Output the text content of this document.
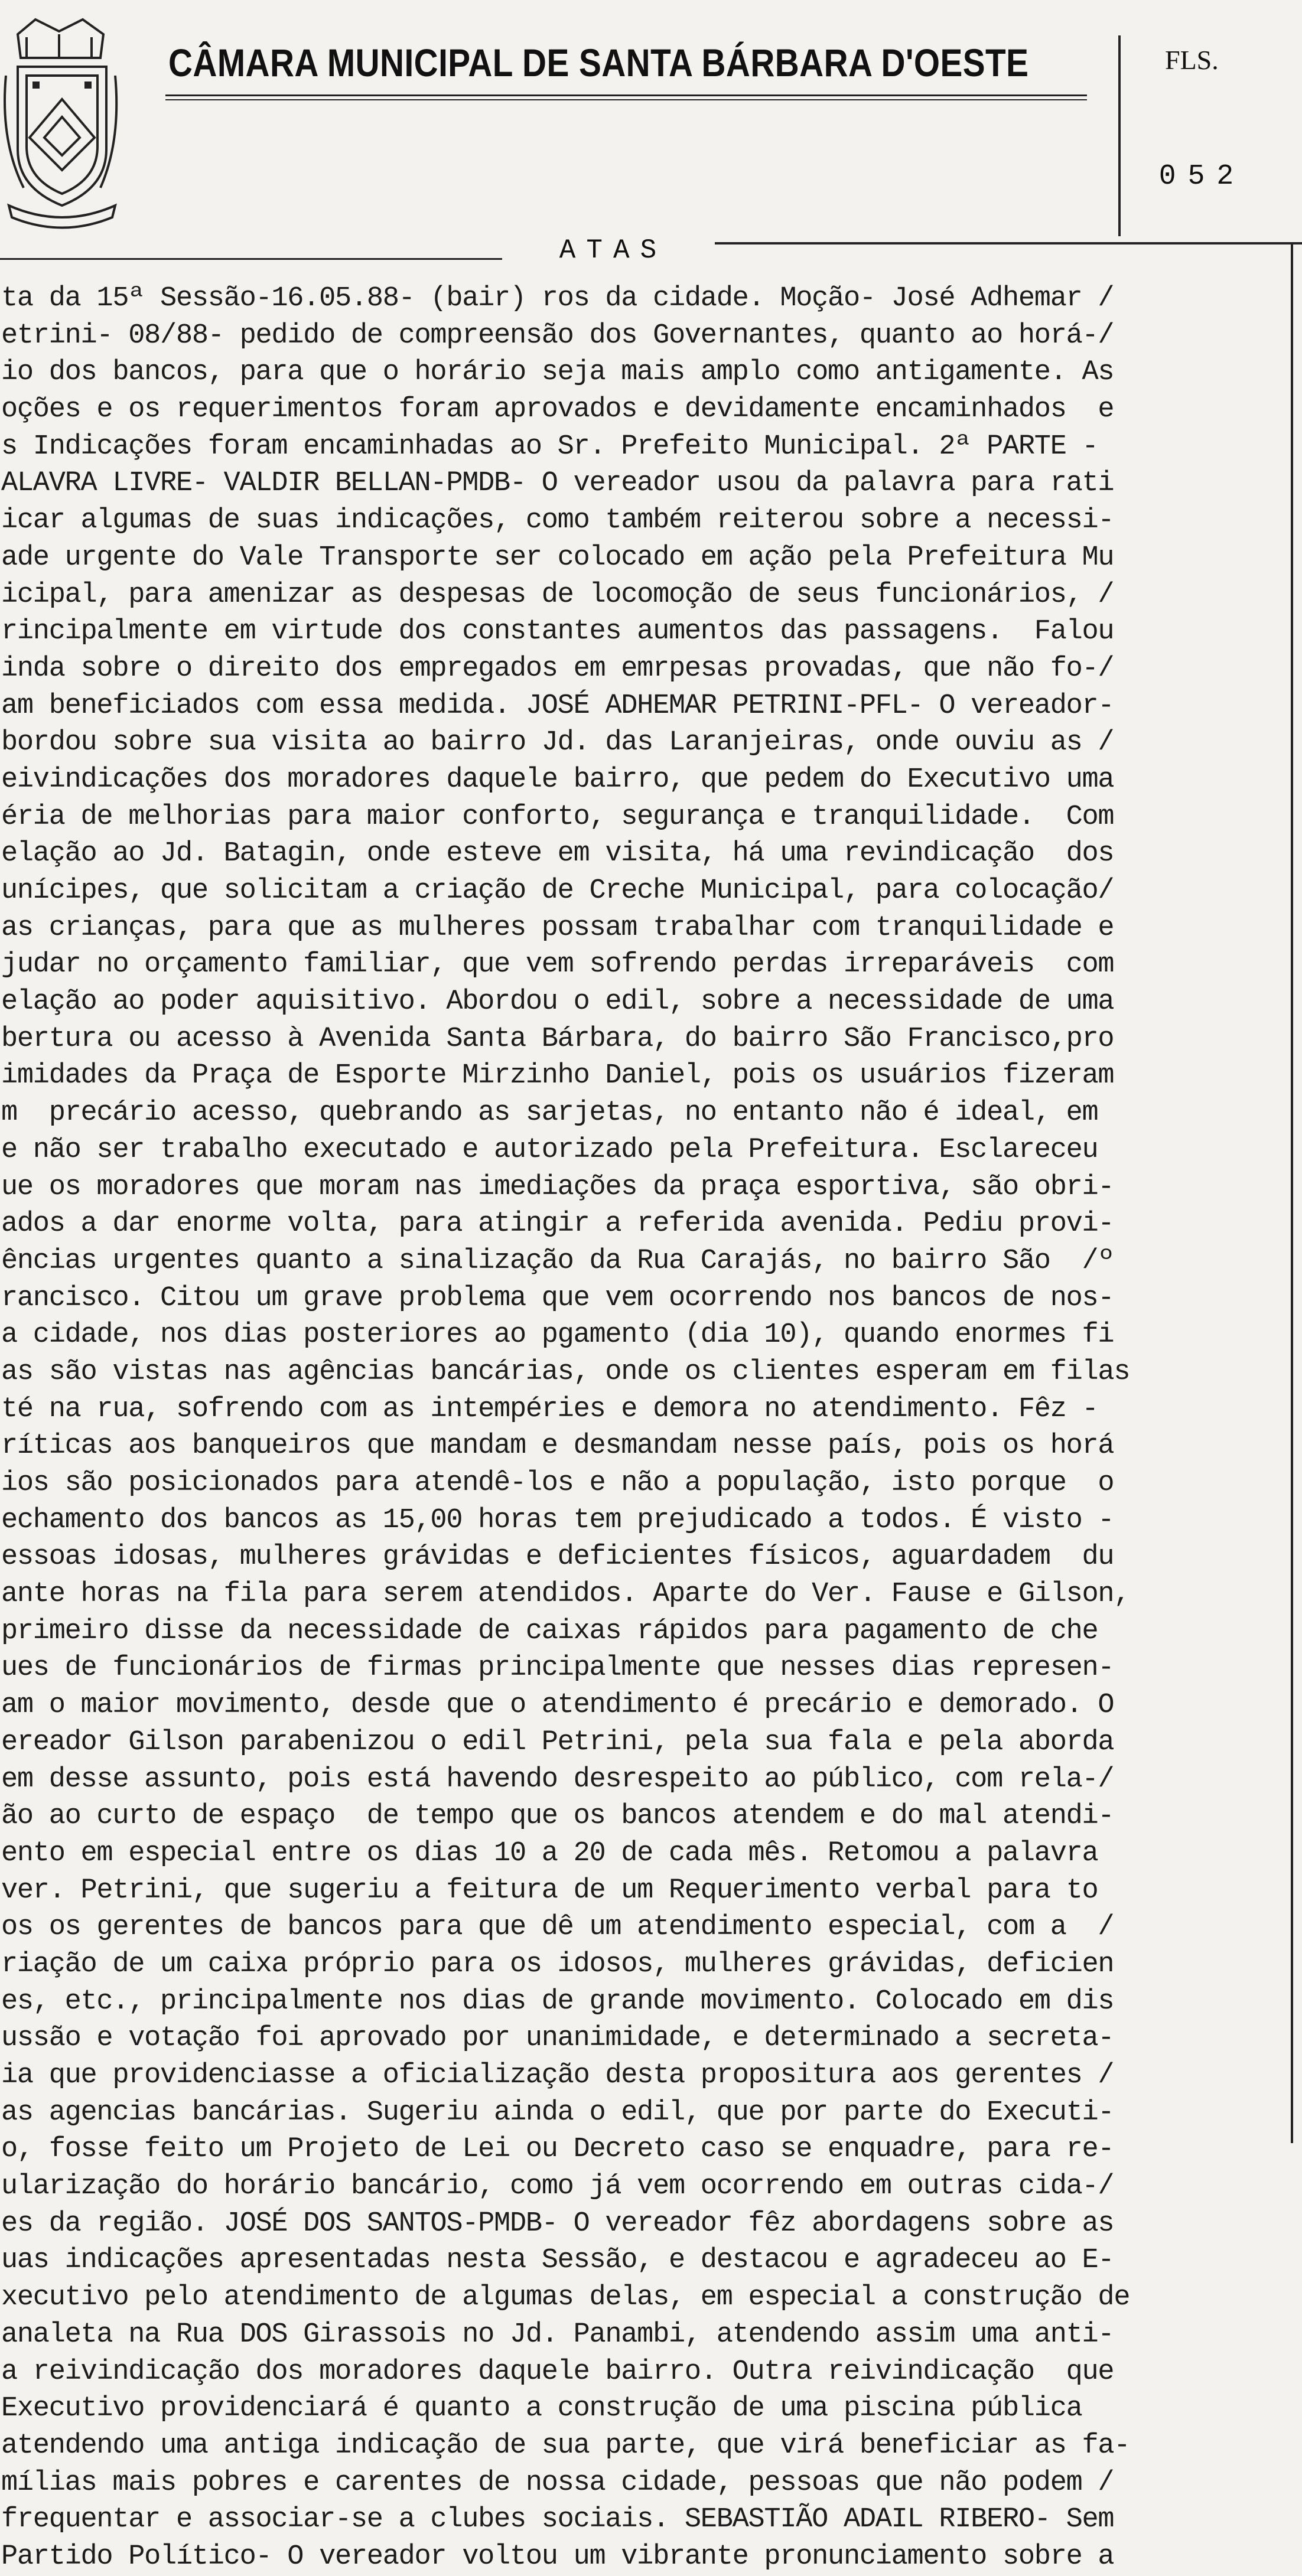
CÂMARA MUNICIPAL DE SANTA BÁRBARA D'OESTE	FLS.
052
ATAS
ta da 15ª Sessão-16.05.88- (bair) ros da cidade. Moção- José Adhemar /
etrini- 08/88- pedido de compreensão dos Governantes, quanto ao horá-/
io dos bancos, para que o horário seja mais amplo como antigamente. As
oções e os requerimentos foram aprovados e devidamente encaminhados  e
s Indicações foram encaminhadas ao Sr. Prefeito Municipal. 2ª PARTE -
ALAVRA LIVRE- VALDIR BELLAN-PMDB- O vereador usou da palavra para rati
icar algumas de suas indicações, como também reiterou sobre a necessi-
ade urgente do Vale Transporte ser colocado em ação pela Prefeitura Mu
icipal, para amenizar as despesas de locomoção de seus funcionários, /
rincipalmente em virtude dos constantes aumentos das passagens.  Falou
inda sobre o direito dos empregados em emrpesas provadas, que não fo-/
am beneficiados com essa medida. JOSÉ ADHEMAR PETRINI-PFL- O vereador-
bordou sobre sua visita ao bairro Jd. das Laranjeiras, onde ouviu as /
eivindicações dos moradores daquele bairro, que pedem do Executivo uma
éria de melhorias para maior conforto, segurança e tranquilidade.  Com
elação ao Jd. Batagin, onde esteve em visita, há uma revindicação  dos
unícipes, que solicitam a criação de Creche Municipal, para colocação/
as crianças, para que as mulheres possam trabalhar com tranquilidade e
judar no orçamento familiar, que vem sofrendo perdas irreparáveis  com
elação ao poder aquisitivo. Abordou o edil, sobre a necessidade de uma
bertura ou acesso à Avenida Santa Bárbara, do bairro São Francisco,pro
imidades da Praça de Esporte Mirzinho Daniel, pois os usuários fizeram
m  precário acesso, quebrando as sarjetas, no entanto não é ideal, em
e não ser trabalho executado e autorizado pela Prefeitura. Esclareceu
ue os moradores que moram nas imediações da praça esportiva, são obri-
ados a dar enorme volta, para atingir a referida avenida. Pediu provi-
ências urgentes quanto a sinalização da Rua Carajás, no bairro São  /º
rancisco. Citou um grave problema que vem ocorrendo nos bancos de nos-
a cidade, nos dias posteriores ao pgamento (dia 10), quando enormes fi
as são vistas nas agências bancárias, onde os clientes esperam em filas
té na rua, sofrendo com as intempéries e demora no atendimento. Fêz -
ríticas aos banqueiros que mandam e desmandam nesse país, pois os horá
ios são posicionados para atendê-los e não a população, isto porque  o
echamento dos bancos as 15,00 horas tem prejudicado a todos. É visto -
essoas idosas, mulheres grávidas e deficientes físicos, aguardadem  du
ante horas na fila para serem atendidos. Aparte do Ver. Fause e Gilson,
primeiro disse da necessidade de caixas rápidos para pagamento de che
ues de funcionários de firmas principalmente que nesses dias represen-
am o maior movimento, desde que o atendimento é precário e demorado. O
ereador Gilson parabenizou o edil Petrini, pela sua fala e pela aborda
em desse assunto, pois está havendo desrespeito ao público, com rela-/
ão ao curto de espaço  de tempo que os bancos atendem e do mal atendi-
ento em especial entre os dias 10 a 20 de cada mês. Retomou a palavra
ver. Petrini, que sugeriu a feitura de um Requerimento verbal para to
os os gerentes de bancos para que dê um atendimento especial, com a  /
riação de um caixa próprio para os idosos, mulheres grávidas, deficien
es, etc., principalmente nos dias de grande movimento. Colocado em dis
ussão e votação foi aprovado por unanimidade, e determinado a secreta-
ia que providenciasse a oficialização desta propositura aos gerentes /
as agencias bancárias. Sugeriu ainda o edil, que por parte do Executi-
o, fosse feito um Projeto de Lei ou Decreto caso se enquadre, para re-
ularização do horário bancário, como já vem ocorrendo em outras cida-/
es da região. JOSÉ DOS SANTOS-PMDB- O vereador fêz abordagens sobre as
uas indicações apresentadas nesta Sessão, e destacou e agradeceu ao E-
xecutivo pelo atendimento de algumas delas, em especial a construção de
analeta na Rua DOS Girassois no Jd. Panambi, atendendo assim uma anti-
a reivindicação dos moradores daquele bairro. Outra reivindicação  que
Executivo providenciará é quanto a construção de uma piscina pública
atendendo uma antiga indicação de sua parte, que virá beneficiar as fa-
mílias mais pobres e carentes de nossa cidade, pessoas que não podem /
frequentar e associar-se a clubes sociais. SEBASTIÃO ADAIL RIBERO- Sem
Partido Político- O vereador voltou um vibrante pronunciamento sobre a
